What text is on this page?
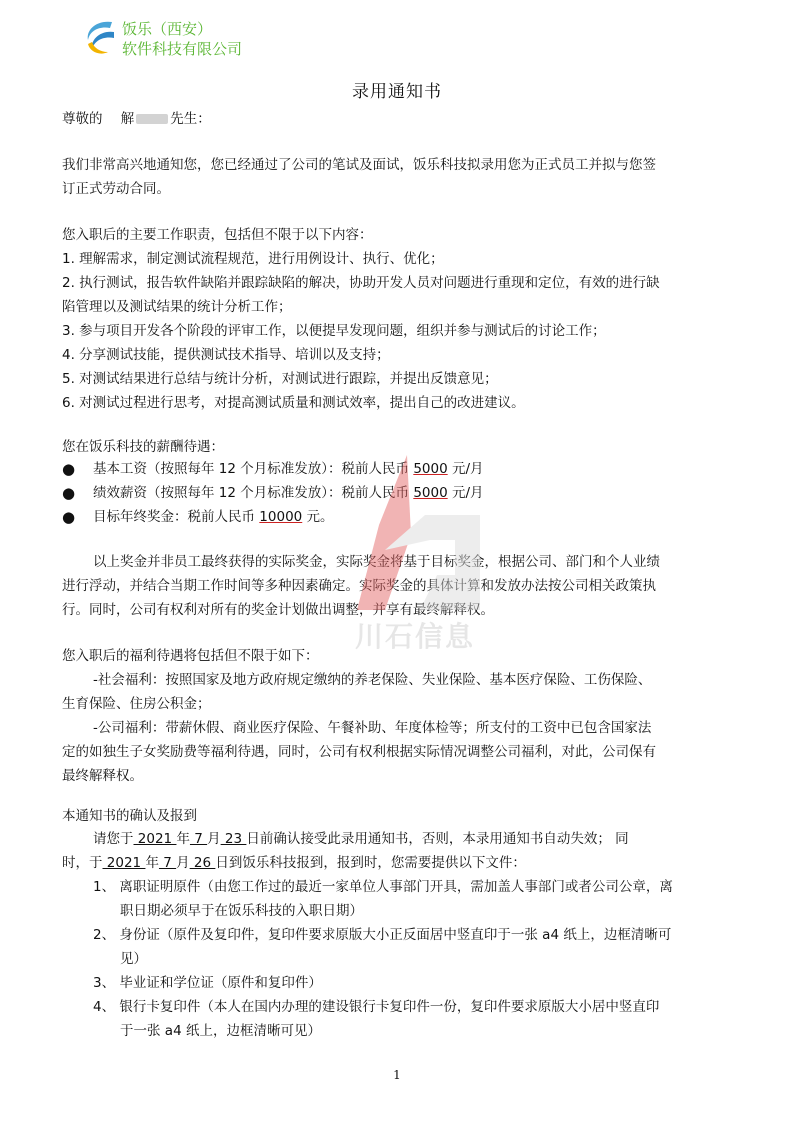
饭乐（西安）
软件科技有限公司
录用通知书
尊敬的 解	先生：
我们非常高兴地通知您，您已经通过了公司的笔试及面试，饭乐科技拟录用您为正式员工并拟与您签
订正式劳动合同。
您入职后的主要工作职责，包括但不限于以下内容：
1. 理解需求，制定测试流程规范，进行用例设计、执行、优化；
2. 执行测试，报告软件缺陷并跟踪缺陷的解决，协助开发人员对问题进行重现和定位，有效的进行缺
陷管理以及测试结果的统计分析工作；
3. 参与项目开发各个阶段的评审工作，以便提早发现问题，组织并参与测试后的讨论工作；
4. 分享测试技能，提供测试技术指导、培训以及支持；
5. 对测试结果进行总结与统计分析，对测试进行跟踪，并提出反馈意见；
6. 对测试过程进行思考，对提高测试质量和测试效率，提出自己的改进建议。
您在饭乐科技的薪酬待遇：
● 基本工资（按照每年 12 个月标准发放）：税前人民币 5000 元/月
● 绩效薪资（按照每年 12 个月标准发放）：税前人民币 5000 元/月
● 目标年终奖金：税前人民币 10000 元。
以上奖金并非员工最终获得的实际奖金，实际奖金将基于目标奖金，根据公司、部门和个人业绩
进行浮动，并结合当期工作时间等多种因素确定。实际奖金的具体计算和发放办法按公司相关政策执
行。同时，公司有权利对所有的奖金计划做出调整，并享有最终解释权。
您入职后的福利待遇将包括但不限于如下：
-社会福利：按照国家及地方政府规定缴纳的养老保险、失业保险、基本医疗保险、工伤保险、
生育保险、住房公积金；
-公司福利：带薪休假、商业医疗保险、午餐补助、年度体检等；所支付的工资中已包含国家法
定的如独生子女奖励费等福利待遇，同时，公司有权利根据实际情况调整公司福利，对此，公司保有
最终解释权。
本通知书的确认及报到
请您于 2021 年 7 月 23 日前确认接受此录用通知书，否则，本录用通知书自动失效； 同
时，于 2021 年 7 月 26 日到饭乐科技报到，报到时，您需要提供以下文件：
1、 离职证明原件（由您工作过的最近一家单位人事部门开具，需加盖人事部门或者公司公章，离
职日期必须早于在饭乐科技的入职日期）
2、 身份证（原件及复印件，复印件要求原版大小正反面居中竖直印于一张 a4 纸上，边框清晰可
见）
3、 毕业证和学位证（原件和复印件）
4、 银行卡复印件（本人在国内办理的建设银行卡复印件一份，复印件要求原版大小居中竖直印
于一张 a4 纸上，边框清晰可见）
川石信息
1
